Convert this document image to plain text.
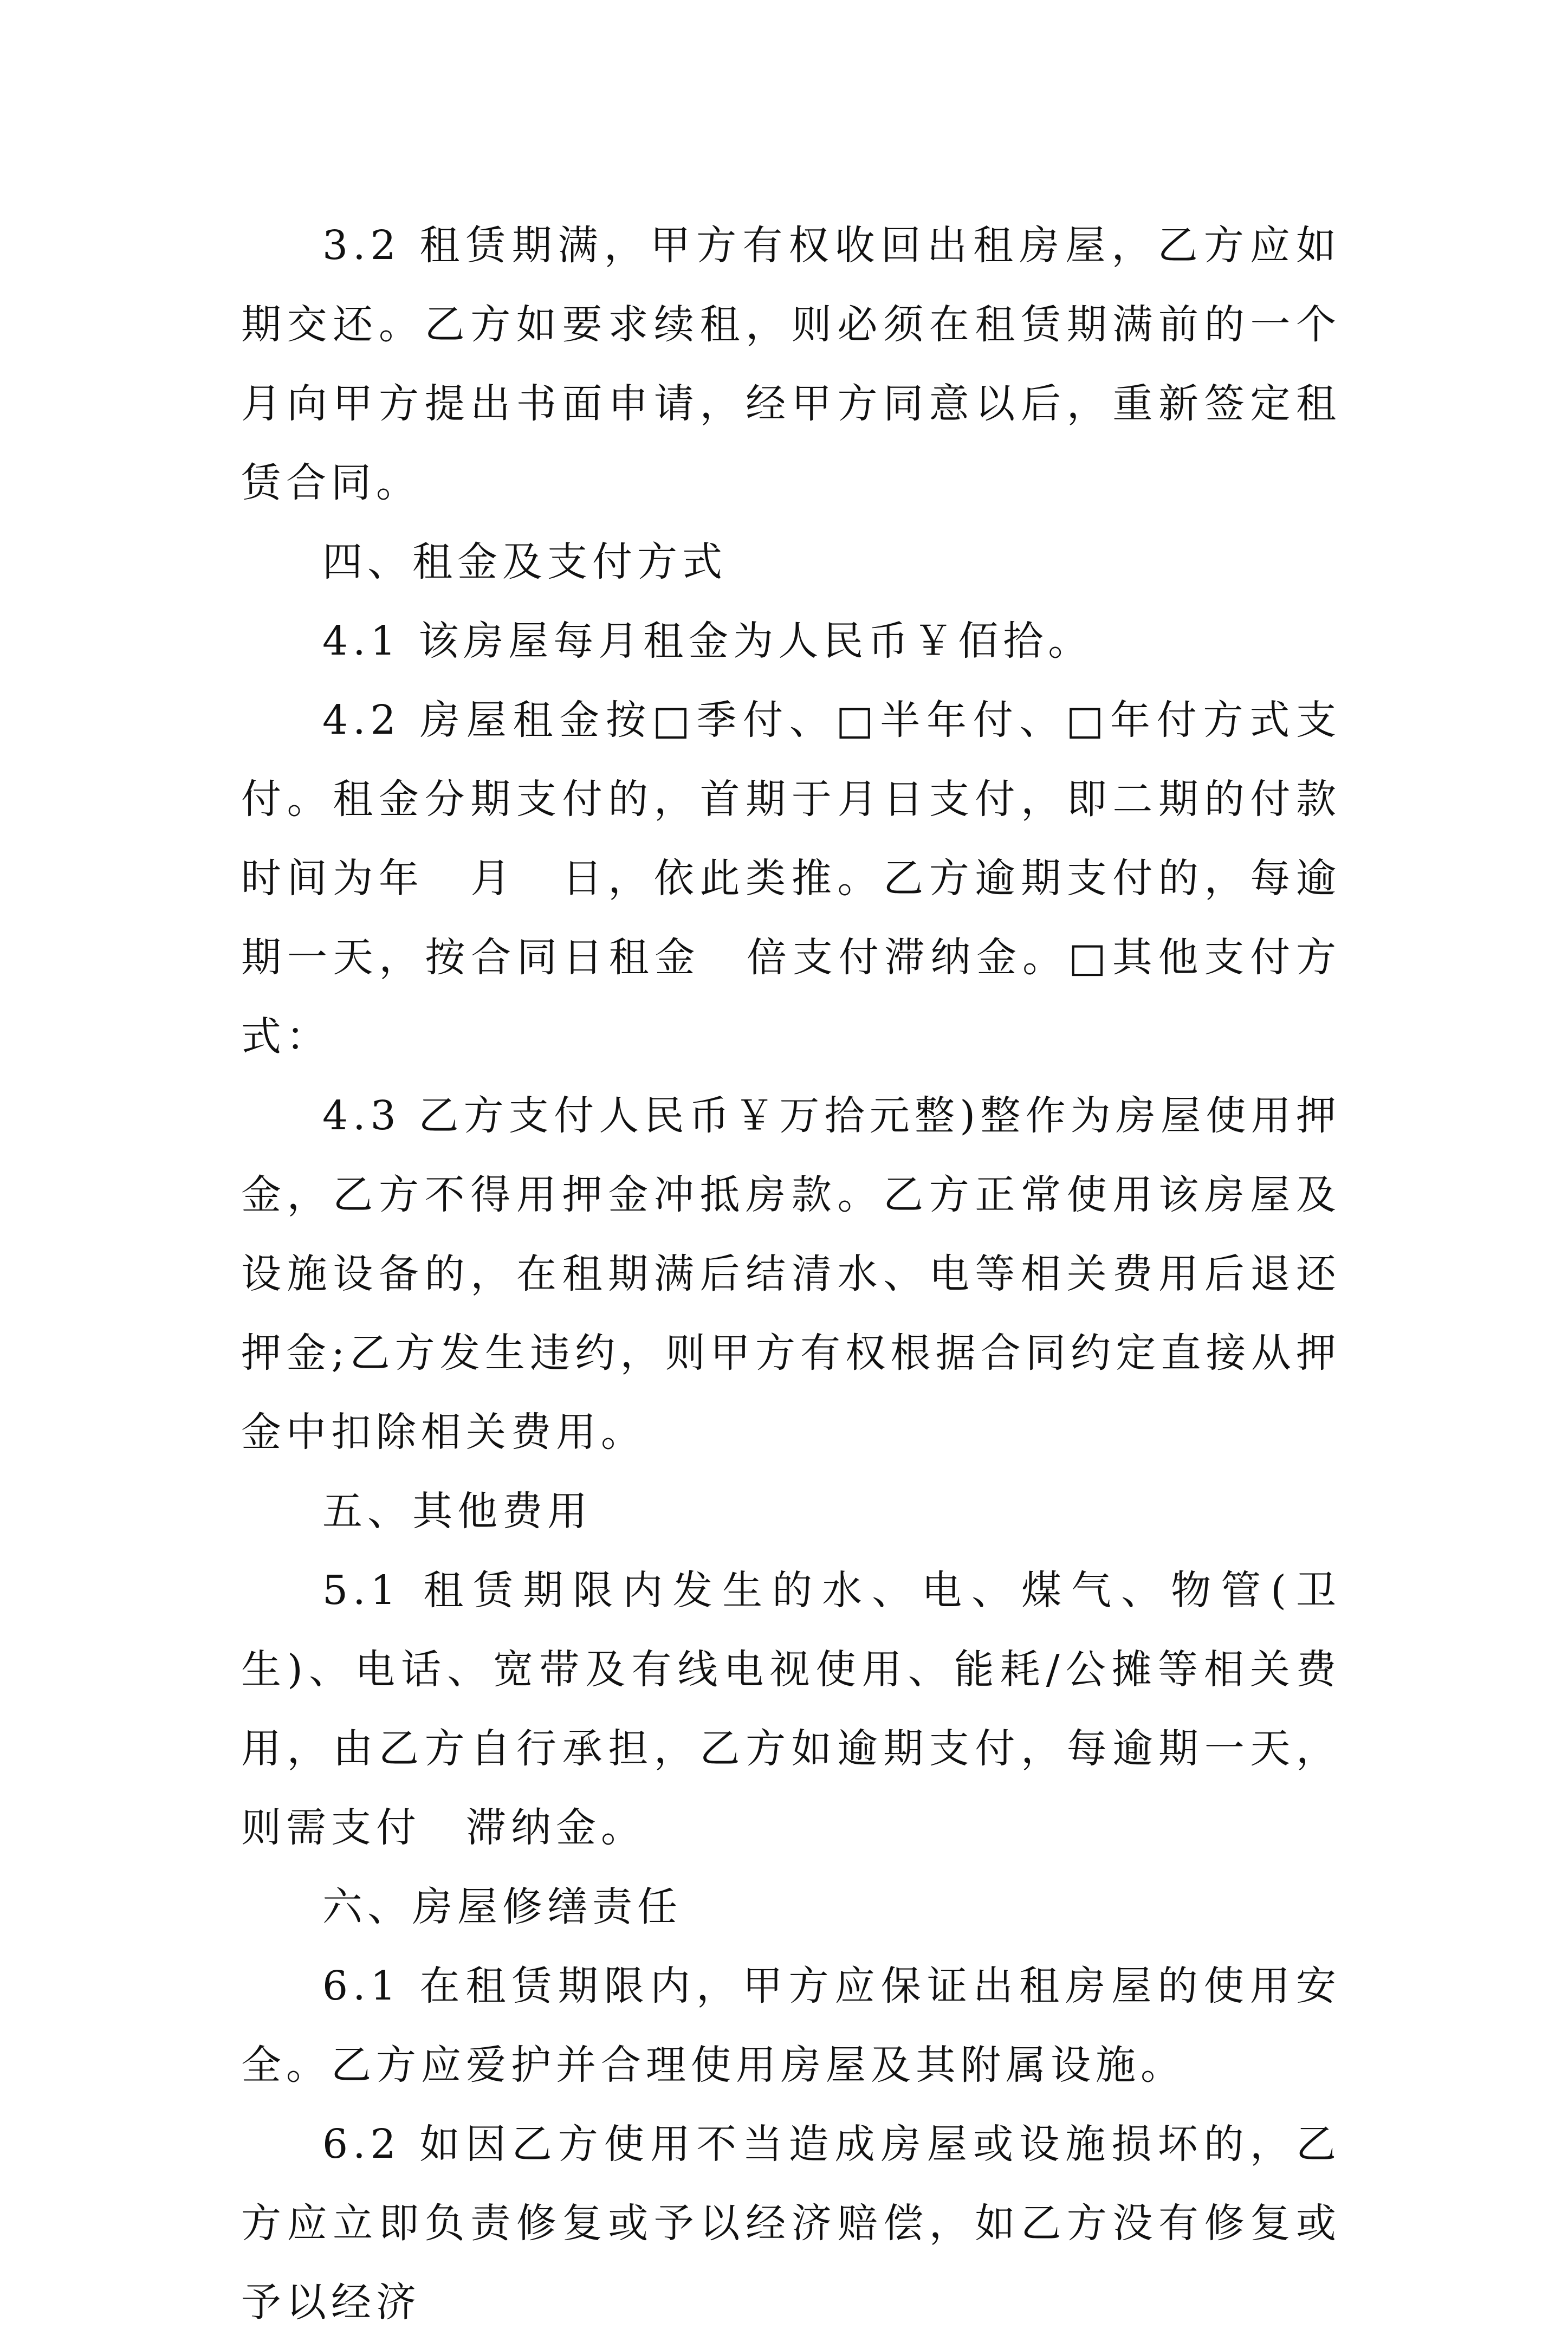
3.2 租赁期满，甲方有权收回出租房屋，乙方应如期交还。乙方如要求续租，则必须在租赁期满前的一个月向甲方提出书面申请，经甲方同意以后，重新签定租赁合同。

四、租金及支付方式

4.1 该房屋每月租金为人民币￥佰拾。

4.2 房屋租金按□季付、□半年付、□年付方式支付。租金分期支付的，首期于月日支付，即二期的付款时间为年　月　日，依此类推。乙方逾期支付的，每逾期一天，按合同日租金　倍支付滞纳金。□其他支付方式：

4.3 乙方支付人民币￥万拾元整)整作为房屋使用押金，乙方不得用押金冲抵房款。乙方正常使用该房屋及设施设备的，在租期满后结清水、电等相关费用后退还押金;乙方发生违约，则甲方有权根据合同约定直接从押金中扣除相关费用。

五、其他费用

5.1 租赁期限内发生的水、电、煤气、物管(卫生)、电话、宽带及有线电视使用、能耗/公摊等相关费用，由乙方自行承担，乙方如逾期支付，每逾期一天，则需支付　滞纳金。

六、房屋修缮责任

6.1 在租赁期限内，甲方应保证出租房屋的使用安全。乙方应爱护并合理使用房屋及其附属设施。

6.2 如因乙方使用不当造成房屋或设施损坏的，乙方应立即负责修复或予以经济赔偿，如乙方没有修复或予以经济
